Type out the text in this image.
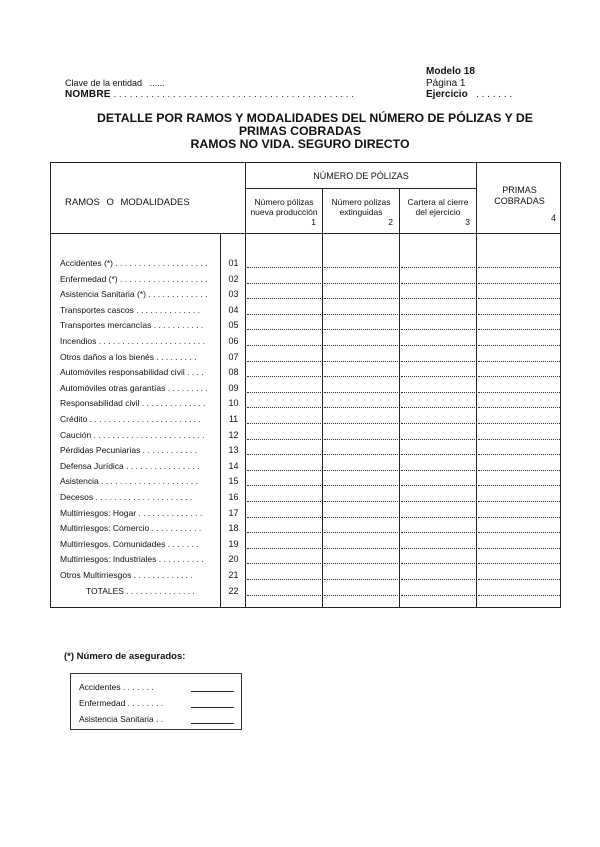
Clave de la entidad ......
NOMBRE . . . . . . . . . . . . . . . . . . . . . . . . . . . . . . . . . . . . . . . . . . . . .
Modelo 18
Página 1
Ejercicio . . . . . . .
DETALLE POR RAMOS Y MODALIDADES DEL NÚMERO DE PÓLIZAS Y DE
PRIMAS COBRADAS
RAMOS NO VIDA. SEGURO DIRECTO
RAMOS O MODALIDADES
NÚMERO DE PÓLIZAS
Número pólizas
nueva producción
1
Número polizas
extinguidas
2
Cartera al cierre
del ejercicio
3
PRIMAS
COBRADAS
4
Accidentes (*) . . . . . . . . . . . . . . . . . . . .	01
Enfermedad (*) . . . . . . . . . . . . . . . . . . .	02
Asistencia Sanitaria (*) . . . . . . . . . . . . .	03
Transportes cascos . . . . . . . . . . . . . .	04
Transportes mercancías . . . . . . . . . . .	05
Incendios . . . . . . . . . . . . . . . . . . . . . . .	06
Otros daños a los bienés . . . . . . . . .	07
Automóviles responsabilidad civil . . . .	08
Automóviles otras garantías . . . . . . . . .	09
Responsabilidad civil . . . . . . . . . . . . . .	10
Crédito . . . . . . . . . . . . . . . . . . . . . . . .	11
Caución . . . . . . . . . . . . . . . . . . . . . . . .	12
Pérdidas Pecuniarias . . . . . . . . . . . .	13
Defensa Jurídica . . . . . . . . . . . . . . . .	14
Asistencia . . . . . . . . . . . . . . . . . . . . .	15
Decesos . . . . . . . . . . . . . . . . . . . . .	16
Multirriesgos: Hogar . . . . . . . . . . . . . .	17
Multirriesgos: Comercio . . . . . . . . . . .	18
Multirriesgos. Comunidades . . . . . . .	19
Multirriesgos: Industriales . . . . . . . . . .	20
Otros Multirriesgos . . . . . . . . . . . . .	21
TOTALES . . . . . . . . . . . . . . .	22
(*) Número de asegurados:
Accidentes . . . . . . .
Enfermedad . . . . . . . .
Asistencia Sanitaria . .
